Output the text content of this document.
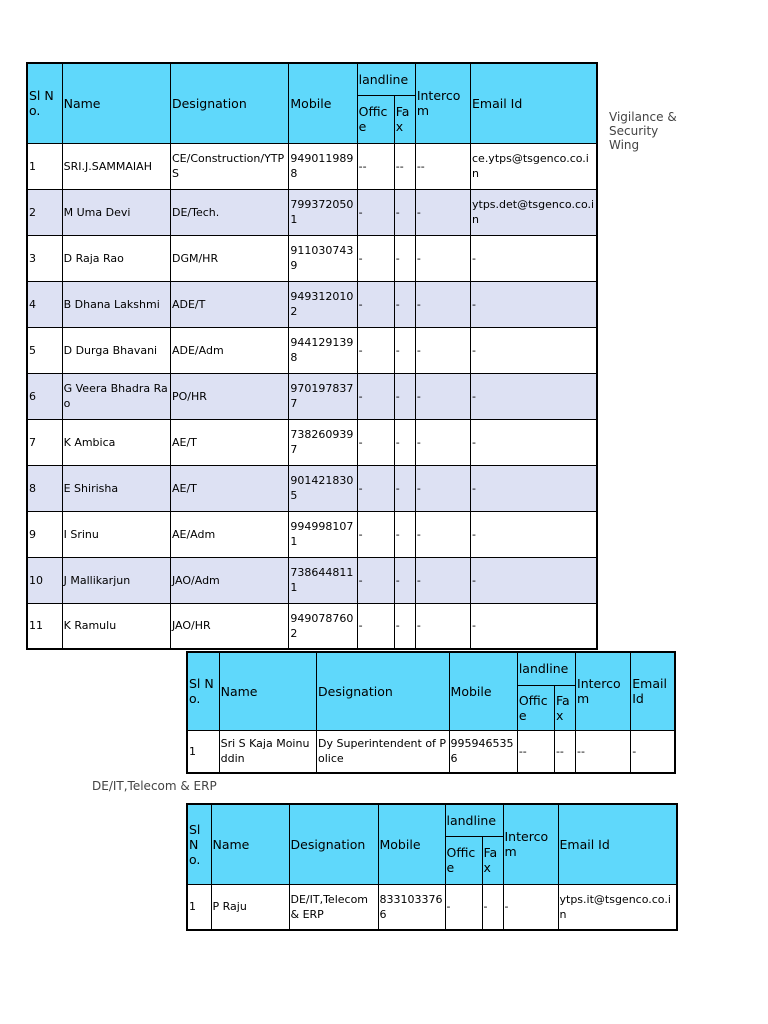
Sl No.	Name	Designation	Mobile	landline		Intercom	Email Id
				Office	Fax		
1	SRI.J.SAMMAIAH	CE/Construction/YTPS	9490119898	--	--	--	ce.ytps@tsgenco.co.in
2	M Uma Devi	DE/Tech.	7993720501	-	-	-	ytps.det@tsgenco.co.in
3	D Raja Rao	DGM/HR	9110307439	-	-	-	-
4	B Dhana Lakshmi	ADE/T	9493120102	-	-	-	-
5	D Durga Bhavani	ADE/Adm	9441291398	-	-	-	-
6	G Veera Bhadra Rao	PO/HR	9701978377	-	-	-	-
7	K Ambica	AE/T	7382609397	-	-	-	-
8	E Shirisha	AE/T	9014218305	-	-	-	-
9	I Srinu	AE/Adm	9949981071	-	-	-	-
10	J Mallikarjun	JAO/Adm	7386448111	-	-	-	-
11	K Ramulu	JAO/HR	9490787602	-	-	-	-
Vigilance & Security Wing
Sl No.	Name	Designation	Mobile	landline		Intercom	Email Id
				Office	Fax		
1	Sri S Kaja Moinuddin	Dy Superintendent of Police	9959465356	--	--	--	-
DE/IT,Telecom & ERP
Sl No.	Name	Designation	Mobile	landline		Intercom	Email Id
				Office	Fax		
1	P Raju	DE/IT,Telecom & ERP	8331033766	-	-	-	ytps.it@tsgenco.co.in
